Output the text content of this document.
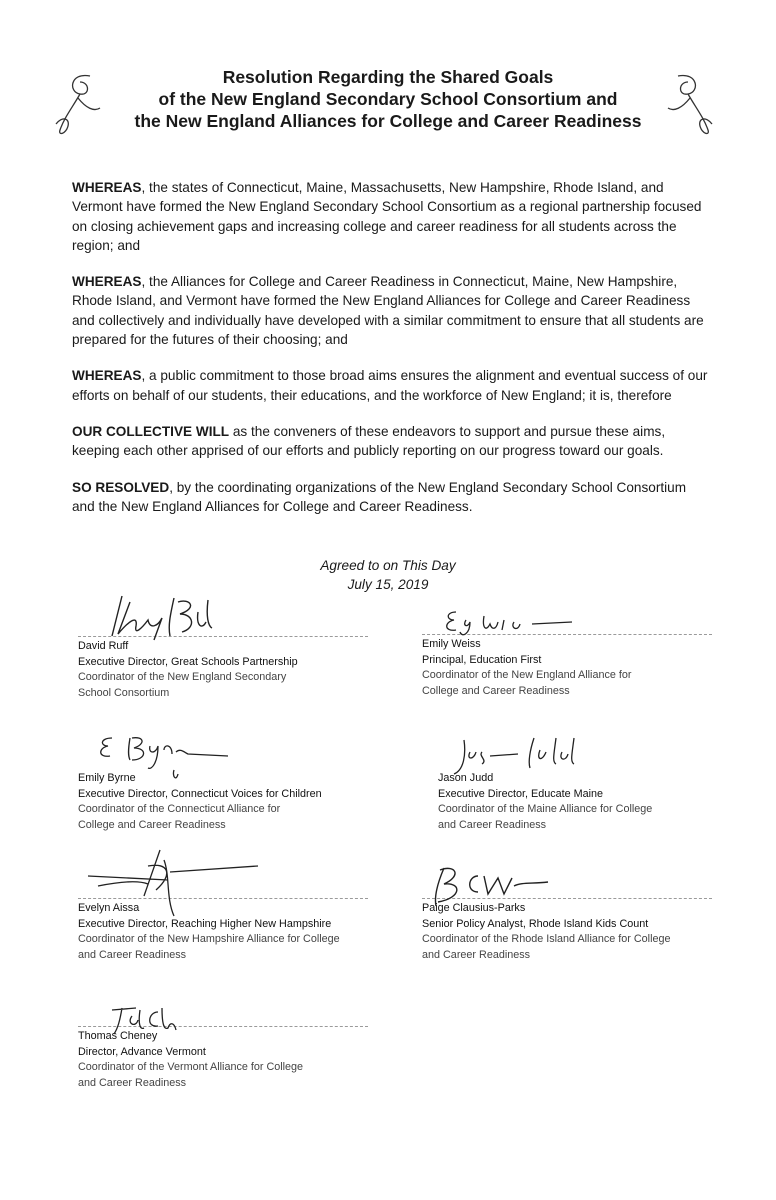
Resolution Regarding the Shared Goals
of the New England Secondary School Consortium and
the New England Alliances for College and Career Readiness

WHEREAS, the states of Connecticut, Maine, Massachusetts, New Hampshire, Rhode Island, and Vermont have formed the New England Secondary School Consortium as a regional partnership focused on closing achievement gaps and increasing college and career readiness for all students across the region; and

WHEREAS, the Alliances for College and Career Readiness in Connecticut, Maine, New Hampshire, Rhode Island, and Vermont have formed the New England Alliances for College and Career Readiness and collectively and individually have developed with a similar commitment to ensure that all students are prepared for the futures of their choosing; and

WHEREAS, a public commitment to those broad aims ensures the alignment and eventual success of our efforts on behalf of our students, their educations, and the workforce of New England; it is, therefore

OUR COLLECTIVE WILL as the conveners of these endeavors to support and pursue these aims, keeping each other apprised of our efforts and publicly reporting on our progress toward our goals.

SO RESOLVED, by the coordinating organizations of the New England Secondary School Consortium and the New England Alliances for College and Career Readiness.

Agreed to on This Day
July 15, 2019
David Ruff
Executive Director, Great Schools Partnership
Coordinator of the New England Secondary
School Consortium
Emily Weiss
Principal, Education First
Coordinator of the New England Alliance for
College and Career Readiness
Emily Byrne
Executive Director, Connecticut Voices for Children
Coordinator of the Connecticut Alliance for
College and Career Readiness
Jason Judd
Executive Director, Educate Maine
Coordinator of the Maine Alliance for College
and Career Readiness
Evelyn Aissa
Executive Director, Reaching Higher New Hampshire
Coordinator of the New Hampshire Alliance for College
and Career Readiness
Paige Clausius-Parks
Senior Policy Analyst, Rhode Island Kids Count
Coordinator of the Rhode Island Alliance for College
and Career Readiness
Thomas Cheney
Director, Advance Vermont
Coordinator of the Vermont Alliance for College
and Career Readiness
